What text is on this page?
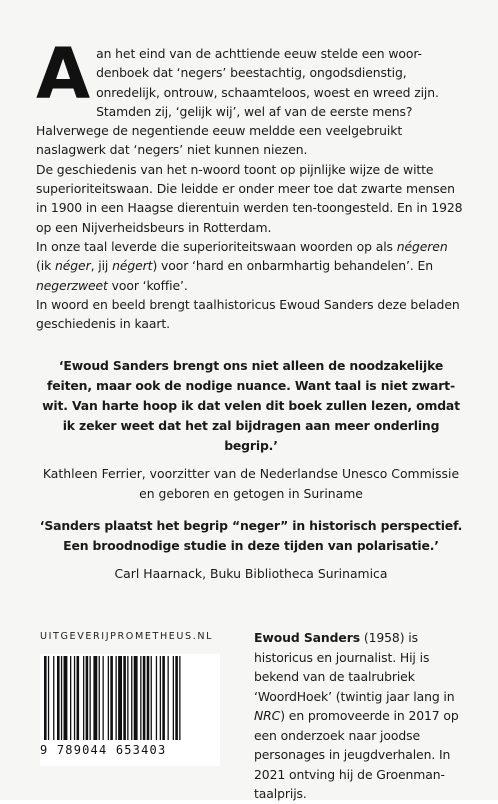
Aan het eind van de achttiende eeuw stelde een woor-denboek dat ‘negers’ beestachtig, ongodsdienstig, onredelijk, ontrouw, schaamteloos, woest en wreed zijn. Stamden zij, ‘gelijk wij’, wel af van de eerste mens? Halverwege de negentiende eeuw meldde een veelgebruikt naslagwerk dat ‘negers’ niet kunnen niezen.

De geschiedenis van het n-woord toont op pijnlijke wijze de witte superioriteitswaan. Die leidde er onder meer toe dat zwarte mensen in 1900 in een Haagse dierentuin werden ten-toongesteld. En in 1928 op een Nijverheidsbeurs in Rotterdam.

In onze taal leverde die superioriteitswaan woorden op als négeren (ik néger, jij négert) voor ‘hard en onbarmhartig behandelen’. En negerzweet voor ‘koffie’.

In woord en beeld brengt taalhistoricus Ewoud Sanders deze beladen geschiedenis in kaart.

‘Ewoud Sanders brengt ons niet alleen de noodzakelijke feiten, maar ook de nodige nuance. Want taal is niet zwart-wit. Van harte hoop ik dat velen dit boek zullen lezen, omdat ik zeker weet dat het zal bijdragen aan meer onderling begrip.’

Kathleen Ferrier, voorzitter van de Nederlandse Unesco Commissie en geboren en getogen in Suriname

‘Sanders plaatst het begrip “neger” in historisch perspectief. Een broodnodige studie in deze tijden van polarisatie.’

Carl Haarnack, Buku Bibliotheca Surinamica

UITGEVERIJPROMETHEUS.NL
9 789044 653403

Ewoud Sanders (1958) is historicus en journalist. Hij is bekend van de taalrubriek ‘WoordHoek’ (twintig jaar lang in NRC) en promoveerde in 2017 op een onderzoek naar joodse personages in jeugdverhalen. In 2021 ontving hij de Groenman-taalprijs.
